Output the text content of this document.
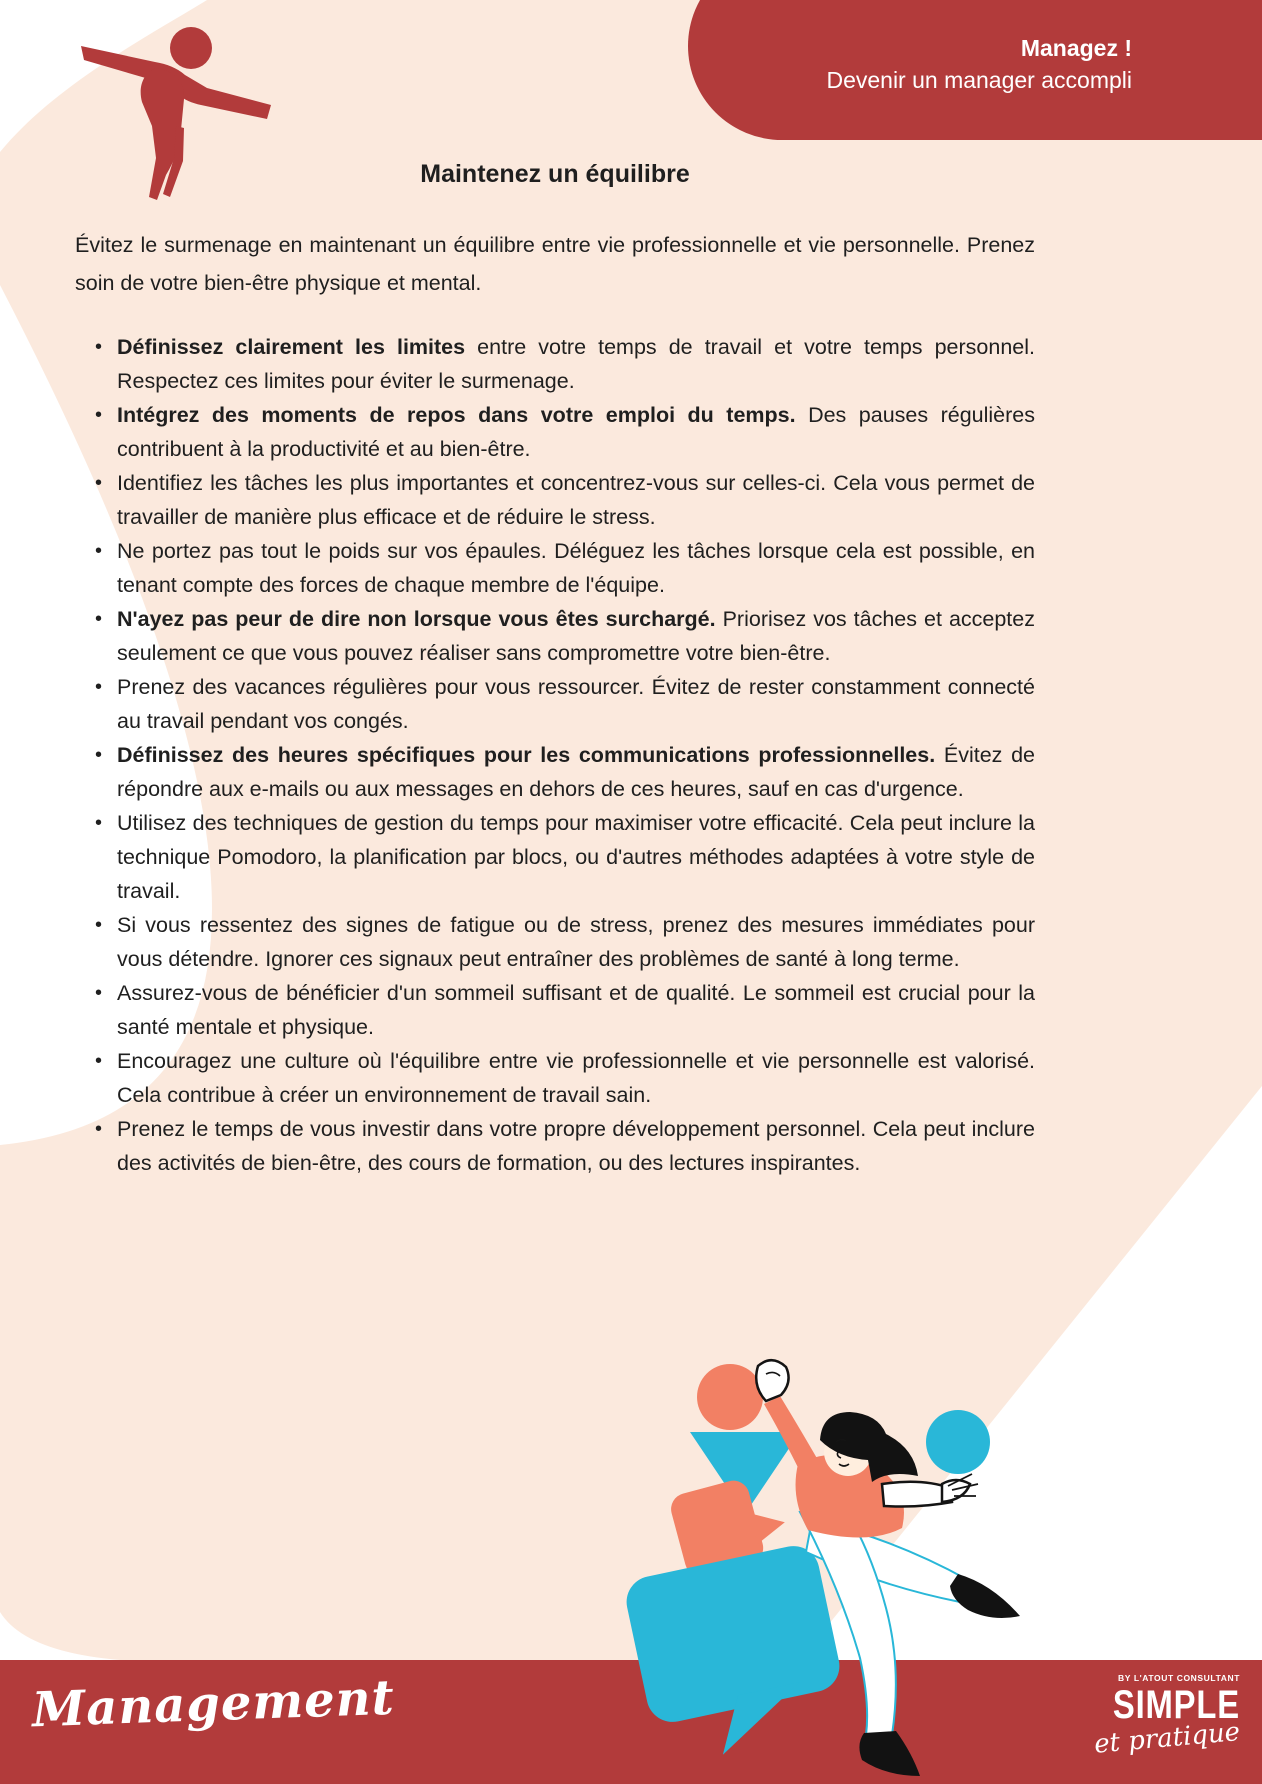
Managez !
Devenir un manager accompli
Maintenez un équilibre
Évitez le surmenage en maintenant un équilibre entre vie professionnelle et vie personnelle. Prenez soin de votre bien-être physique et mental.
• Définissez clairement les limites entre votre temps de travail et votre temps personnel. Respectez ces limites pour éviter le surmenage.
• Intégrez des moments de repos dans votre emploi du temps. Des pauses régulières contribuent à la productivité et au bien-être.
• Identifiez les tâches les plus importantes et concentrez-vous sur celles-ci. Cela vous permet de travailler de manière plus efficace et de réduire le stress.
• Ne portez pas tout le poids sur vos épaules. Déléguez les tâches lorsque cela est possible, en tenant compte des forces de chaque membre de l'équipe.
• N'ayez pas peur de dire non lorsque vous êtes surchargé. Priorisez vos tâches et acceptez seulement ce que vous pouvez réaliser sans compromettre votre bien-être.
• Prenez des vacances régulières pour vous ressourcer. Évitez de rester constamment connecté au travail pendant vos congés.
• Définissez des heures spécifiques pour les communications professionnelles. Évitez de répondre aux e-mails ou aux messages en dehors de ces heures, sauf en cas d'urgence.
• Utilisez des techniques de gestion du temps pour maximiser votre efficacité. Cela peut inclure la technique Pomodoro, la planification par blocs, ou d'autres méthodes adaptées à votre style de travail.
• Si vous ressentez des signes de fatigue ou de stress, prenez des mesures immédiates pour vous détendre. Ignorer ces signaux peut entraîner des problèmes de santé à long terme.
• Assurez-vous de bénéficier d'un sommeil suffisant et de qualité. Le sommeil est crucial pour la santé mentale et physique.
• Encouragez une culture où l'équilibre entre vie professionnelle et vie personnelle est valorisé. Cela contribue à créer un environnement de travail sain.
• Prenez le temps de vous investir dans votre propre développement personnel. Cela peut inclure des activités de bien-être, des cours de formation, ou des lectures inspirantes.
Management	BY L'ATOUT CONSULTANT
SIMPLE
et pratique
